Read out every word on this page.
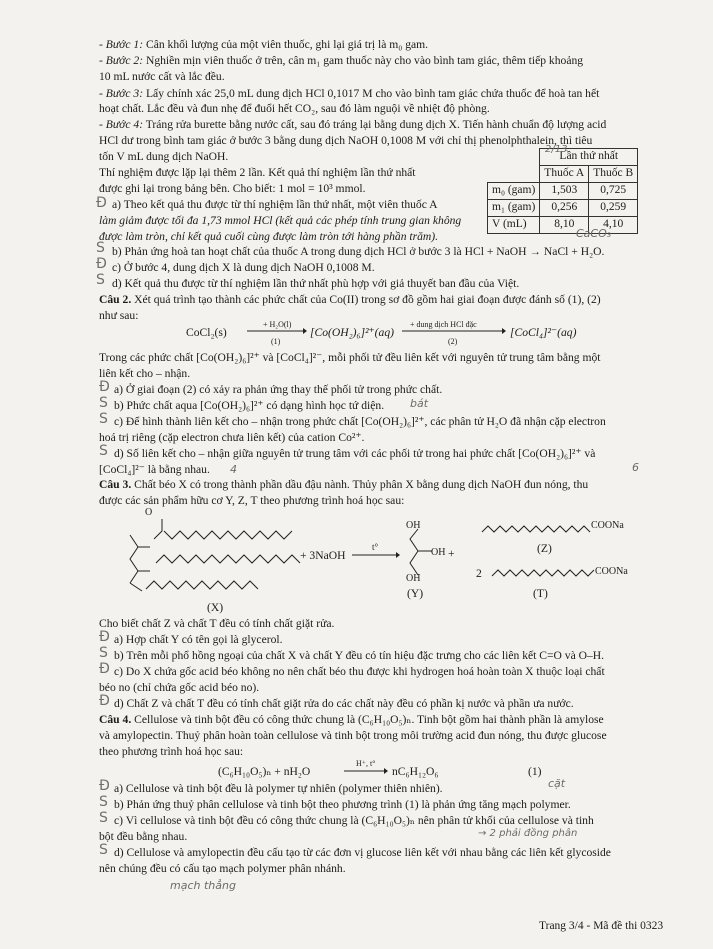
- Bước 1: Cân khối lượng của một viên thuốc, ghi lại giá trị là m₀ gam.
- Bước 2: Nghiền mịn viên thuốc ở trên, cân m₁ gam thuốc này cho vào bình tam giác, thêm tiếp khoảng
10 mL nước cất và lắc đều.
- Bước 3: Lấy chính xác 25,0 mL dung dịch HCl 0,1017 M cho vào bình tam giác chứa thuốc để hoà tan hết
hoạt chất. Lắc đều và đun nhẹ để đuổi hết CO₂, sau đó làm nguội về nhiệt độ phòng.
- Bước 4: Tráng rửa burette bằng nước cất, sau đó tráng lại bằng dung dịch X. Tiến hành chuẩn độ lượng acid
HCl dư trong bình tam giác ở bước 3 bằng dung dịch NaOH 0,1008 M với chỉ thị phenolphthalein, thì tiêu
tốn V mL dung dịch NaOH.
Thí nghiệm được lặp lại thêm 2 lần. Kết quả thí nghiệm lần thứ nhất
được ghi lại trong bảng bên. Cho biết: 1 mol = 10³ mmol.
	Lần thứ nhất	
	Thuốc A	Thuốc B
m₀ (gam)	1,503	0,725
m₁ (gam)	0,256	0,259
V (mL)	8,10	4,10
2/13
Ɖ a) Theo kết quả thu được từ thí nghiệm lần thứ nhất, một viên thuốc A
làm giảm được tối đa 1,73 mmol HCl (kết quả các phép tính trung gian không
được làm tròn, chỉ kết quả cuối cùng được làm tròn tới hàng phần trăm).	CaCO₃
S b) Phản ứng hoà tan hoạt chất của thuốc A trong dung dịch HCl ở bước 3 là HCl + NaOH → NaCl + H₂O.
Ɖ c) Ở bước 4, dung dịch X là dung dịch NaOH 0,1008 M.
S d) Kết quả thu được từ thí nghiệm lần thứ nhất phù hợp với giả thuyết ban đầu của Việt.
Câu 2. Xét quá trình tạo thành các phức chất của Co(II) trong sơ đồ gồm hai giai đoạn được đánh số (1), (2)
như sau:
CoCl₂(s)
+ H₂O(l)
(1)
[Co(OH₂)₆]²⁺(aq)
+ dung dịch HCl đặc
(2)
[CoCl₄]²⁻(aq)
Trong các phức chất [Co(OH₂)₆]²⁺ và [CoCl₄]²⁻, mỗi phối tử đều liên kết với nguyên tử trung tâm bằng một
liên kết cho – nhận.
Ɖ a) Ở giai đoạn (2) có xảy ra phản ứng thay thế phối tử trong phức chất.
S b) Phức chất aqua [Co(OH₂)₆]²⁺ có dạng hình học tứ diện. bát
S c) Để hình thành liên kết cho – nhận trong phức chất [Co(OH₂)₆]²⁺, các phân tử H₂O đã nhận cặp electron
hoá trị riêng (cặp electron chưa liên kết) của cation Co²⁺.
S d) Số liên kết cho – nhận giữa nguyên tử trung tâm với các phối tử trong hai phức chất [Co(OH₂)₆]²⁺ và
[CoCl₄]²⁻ là bằng nhau. 4	6
Câu 3. Chất béo X có trong thành phần dầu đậu nành. Thủy phân X bằng dung dịch NaOH đun nóng, thu
được các sản phẩm hữu cơ Y, Z, T theo phương trình hoá học sau:
O
+ 3NaOH
t°
OH
OH
OH
+
COONa
COONa
2
(Z)
(T)
(Y)
(X)
Cho biết chất Z và chất T đều có tính chất giặt rửa.
Ɖ a) Hợp chất Y có tên gọi là glycerol.
S b) Trên mỗi phổ hồng ngoại của chất X và chất Y đều có tín hiệu đặc trưng cho các liên kết C=O và O–H.
Ɖ c) Do X chứa gốc acid béo không no nên chất béo thu được khi hydrogen hoá hoàn toàn X thuộc loại chất
béo no (chỉ chứa gốc acid béo no).
Ɖ d) Chất Z và chất T đều có tính chất giặt rửa do các chất này đều có phần kị nước và phần ưa nước.
Câu 4. Cellulose và tinh bột đều có công thức chung là (C₆H₁₀O₅)ₙ. Tinh bột gồm hai thành phần là amylose
và amylopectin. Thuỷ phân hoàn toàn cellulose và tinh bột trong môi trường acid đun nóng, thu được glucose
theo phương trình hoá học sau:
(C₆H₁₀O₅)ₙ + nH₂O
H⁺, t°
→ nC₆H₁₂O₆	(1)
Ɖ a) Cellulose và tinh bột đều là polymer tự nhiên (polymer thiên nhiên).	cặt
S b) Phản ứng thuỷ phân cellulose và tinh bột theo phương trình (1) là phản ứng tăng mạch polymer.
S c) Vì cellulose và tinh bột đều có công thức chung là (C₆H₁₀O₅)ₙ nên phân tử khối của cellulose và tinh
bột đều bằng nhau.	→ 2 phải đồng phân
S d) Cellulose và amylopectin đều cấu tạo từ các đơn vị glucose liên kết với nhau bằng các liên kết glycoside
nên chúng đều có cấu tạo mạch polymer phân nhánh.
mạch thẳng
Trang 3/4 - Mã đề thi 0323
